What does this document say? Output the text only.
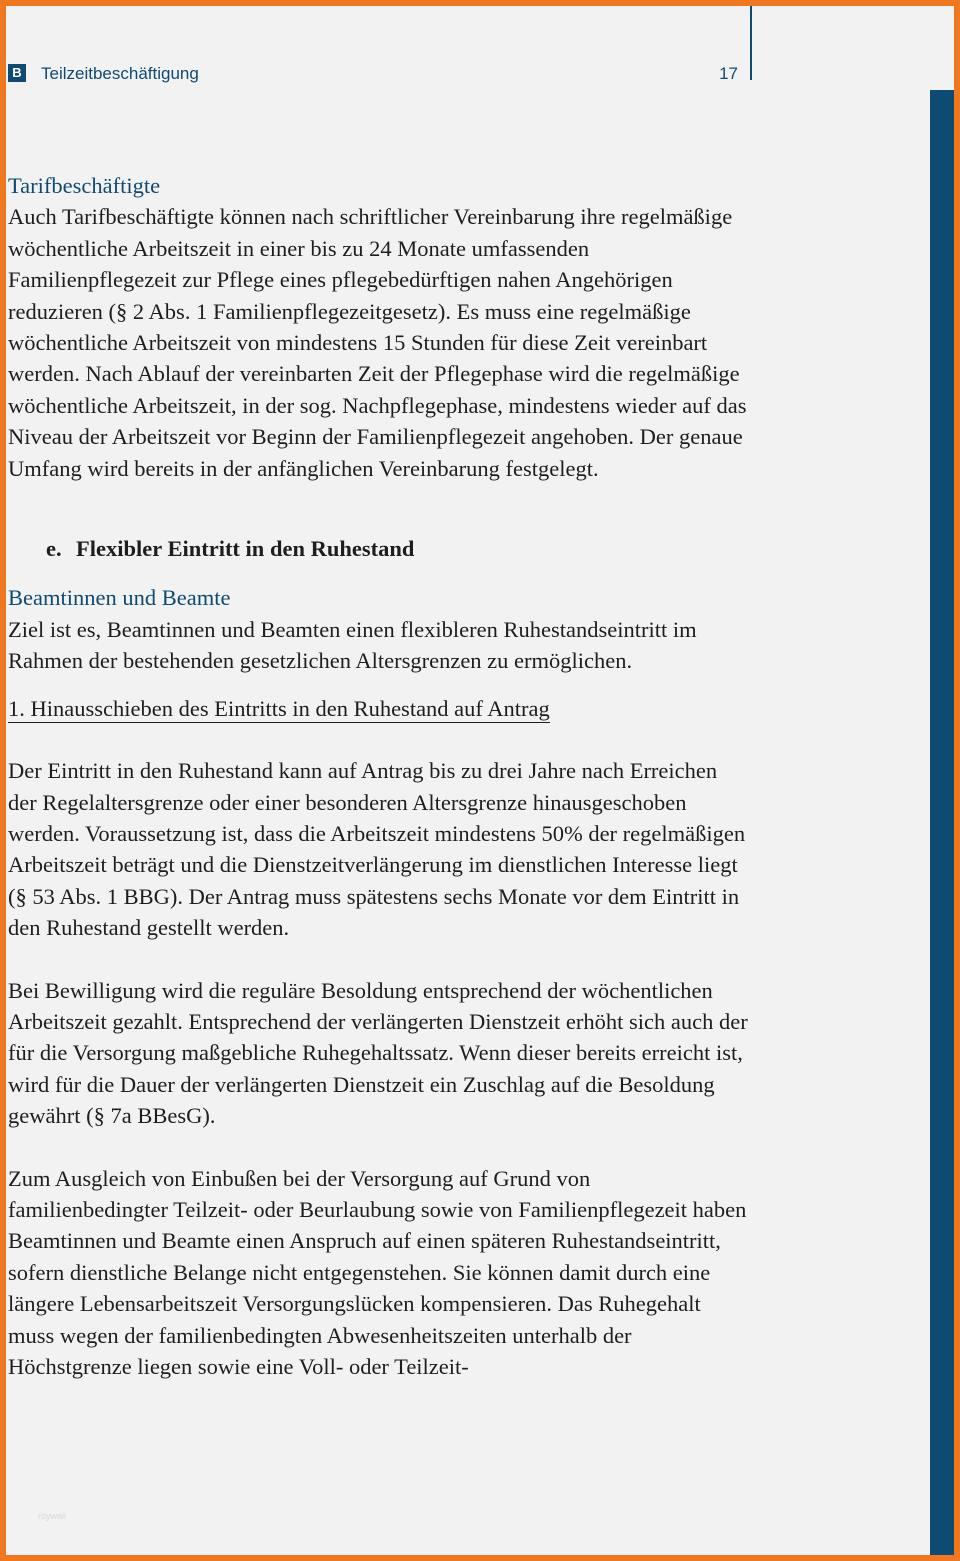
B Teilzeitbeschäftigung	17

Tarifbeschäftigte

Auch Tarifbeschäftigte können nach schriftlicher Vereinbarung ihre regelmäßige wöchentliche Arbeitszeit in einer bis zu 24 Monate umfassenden Familienpflegezeit zur Pflege eines pflegebedürftigen nahen Angehörigen reduzieren (§ 2 Abs. 1 Familienpflegezeitgesetz). Es muss eine regelmäßige wöchentliche Arbeitszeit von mindestens 15 Stunden für diese Zeit vereinbart werden. Nach Ablauf der vereinbarten Zeit der Pflegephase wird die regelmäßige wöchentliche Arbeitszeit, in der sog. Nachpflegephase, mindestens wieder auf das Niveau der Arbeitszeit vor Beginn der Familienpflegezeit angehoben. Der genaue Umfang wird bereits in der anfänglichen Vereinbarung festgelegt.

e. Flexibler Eintritt in den Ruhestand

Beamtinnen und Beamte

Ziel ist es, Beamtinnen und Beamten einen flexibleren Ruhestandseintritt im Rahmen der bestehenden gesetzlichen Altersgrenzen zu ermöglichen.

1. Hinausschieben des Eintritts in den Ruhestand auf Antrag

Der Eintritt in den Ruhestand kann auf Antrag bis zu drei Jahre nach Erreichen der Regelaltersgrenze oder einer besonderen Altersgrenze hinausgeschoben werden. Voraussetzung ist, dass die Arbeitszeit mindestens 50% der regelmäßigen Arbeitszeit beträgt und die Dienstzeitverlängerung im dienstlichen Interesse liegt (§ 53 Abs. 1 BBG). Der Antrag muss spätestens sechs Monate vor dem Eintritt in den Ruhestand gestellt werden.

Bei Bewilligung wird die reguläre Besoldung entsprechend der wöchentlichen Arbeitszeit gezahlt. Entsprechend der verlängerten Dienstzeit erhöht sich auch der für die Versorgung maßgebliche Ruhegehaltssatz. Wenn dieser bereits erreicht ist, wird für die Dauer der verlängerten Dienstzeit ein Zuschlag auf die Besoldung gewährt (§ 7a BBesG).

Zum Ausgleich von Einbußen bei der Versorgung auf Grund von familienbedingter Teilzeit- oder Beurlaubung sowie von Familienpflegezeit haben Beamtinnen und Beamte einen Anspruch auf einen späteren Ruhestandseintritt, sofern dienstliche Belange nicht entgegenstehen. Sie können damit durch eine längere Lebensarbeitszeit Versorgungslücken kompensieren. Das Ruhegehalt muss wegen der familienbedingten Abwesenheitszeiten unterhalb der Höchstgrenze liegen sowie eine Voll- oder Teilzeit-

roywall
